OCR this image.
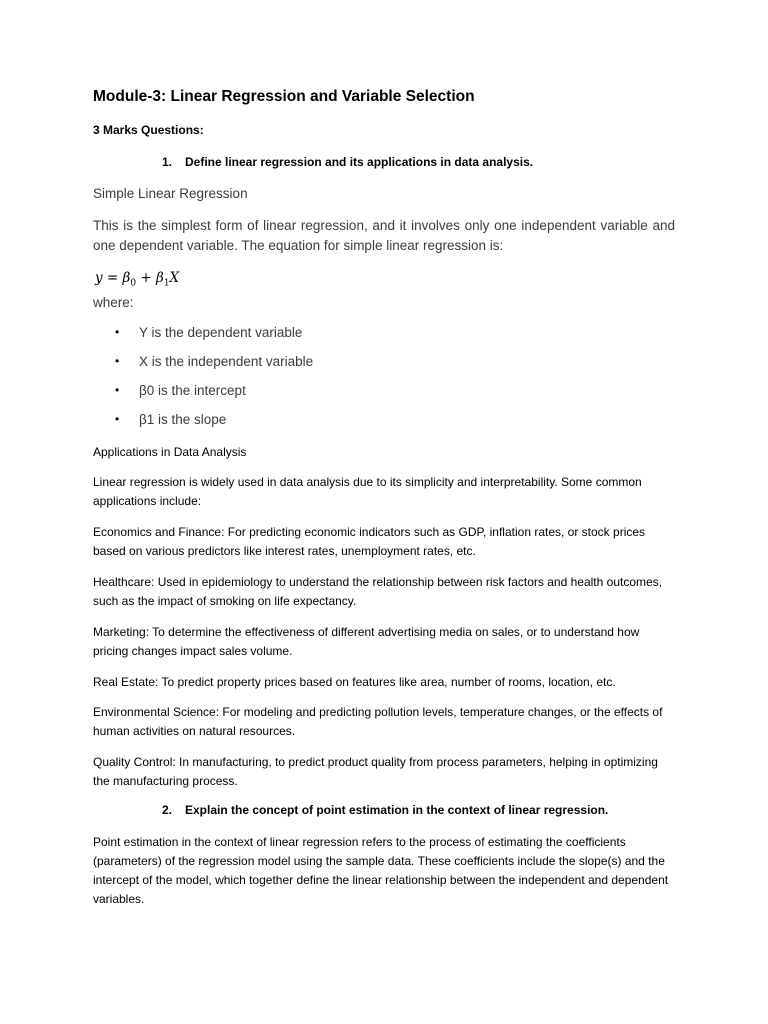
Module-3: Linear Regression and Variable Selection
3 Marks Questions:
1. Define linear regression and its applications in data analysis.
Simple Linear Regression
This is the simplest form of linear regression, and it involves only one independent variable and one dependent variable. The equation for simple linear regression is:
$y = \beta_0 + \beta_1X$
where:
• Y is the dependent variable
• X is the independent variable
• β0 is the intercept
• β1 is the slope
Applications in Data Analysis
Linear regression is widely used in data analysis due to its simplicity and interpretability. Some common applications include:
Economics and Finance: For predicting economic indicators such as GDP, inflation rates, or stock prices based on various predictors like interest rates, unemployment rates, etc.
Healthcare: Used in epidemiology to understand the relationship between risk factors and health outcomes, such as the impact of smoking on life expectancy.
Marketing: To determine the effectiveness of different advertising media on sales, or to understand how pricing changes impact sales volume.
Real Estate: To predict property prices based on features like area, number of rooms, location, etc.
Environmental Science: For modeling and predicting pollution levels, temperature changes, or the effects of human activities on natural resources.
Quality Control: In manufacturing, to predict product quality from process parameters, helping in optimizing the manufacturing process.
2. Explain the concept of point estimation in the context of linear regression.
Point estimation in the context of linear regression refers to the process of estimating the coefficients (parameters) of the regression model using the sample data. These coefficients include the slope(s) and the intercept of the model, which together define the linear relationship between the independent and dependent variables.
